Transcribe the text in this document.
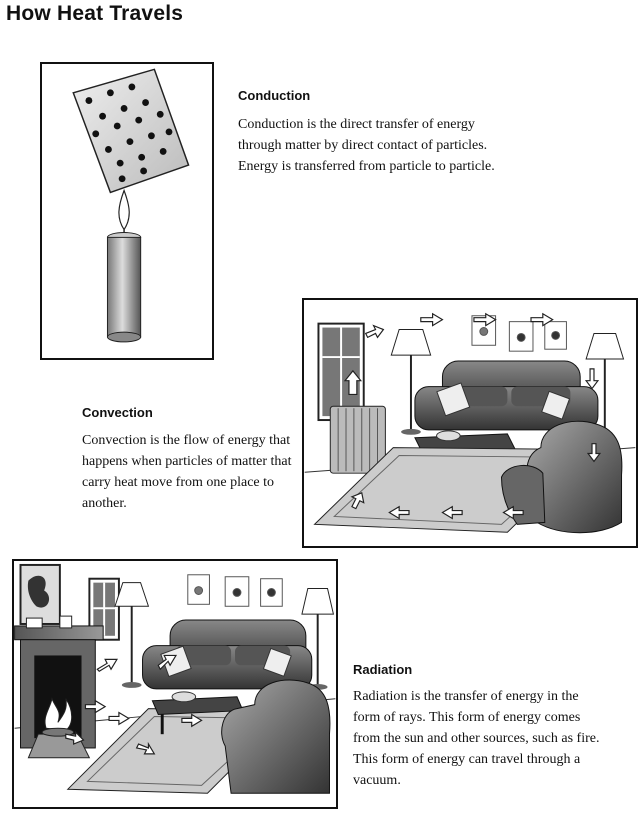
How Heat Travels
Conduction
Conduction is the direct transfer of energy through matter by direct contact of particles. Energy is transferred from particle to particle.
Convection
Convection is the flow of energy that happens when particles of matter that carry heat move from one place to another.
Radiation
Radiation is the transfer of energy in the form of rays. This form of energy comes from the sun and other sources, such as fire. This form of energy can travel through a vacuum.
